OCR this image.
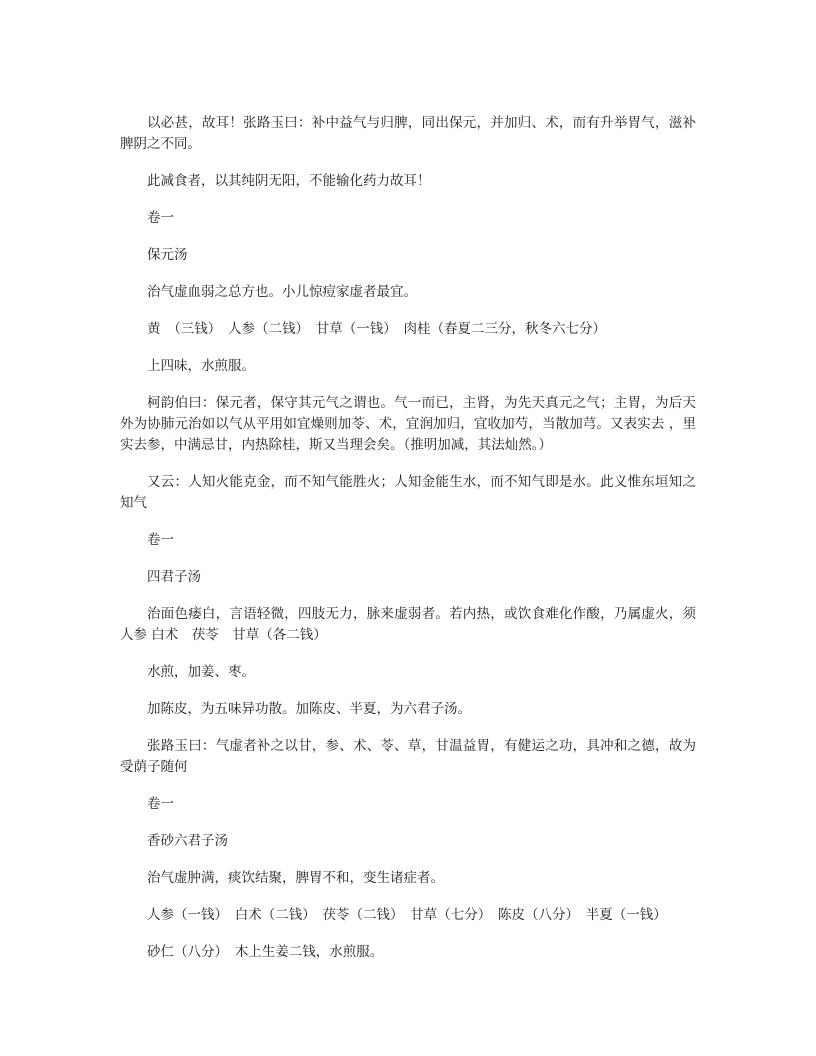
以必甚，故耳！张路玉曰：补中益气与归脾，同出保元，并加归、术，而有升举胃气，滋补脾阴之不同。

此减食者，以其纯阴无阳，不能输化药力故耳！

卷一

保元汤

治气虚血弱之总方也。小儿惊痘家虚者最宜。

黄　（三钱）　人参（二钱）　甘草（一钱）　肉桂（春夏二三分，秋冬六七分）

上四味，水煎服。

柯韵伯曰：保元者，保守其元气之谓也。气一而已，主肾，为先天真元之气；主胃，为后天外为协肺元治如以气从平用如宜燥则加苓、术，宜润加归，宜收加芍，当散加芎。又表实去 ，里实去参，中满忌甘，内热除桂，斯又当理会矣。（推明加减，其法灿然。）

又云：人知火能克金，而不知气能胜火；人知金能生水，而不知气即是水。此义惟东垣知之知气

卷一

四君子汤

治面色痿白，言语轻微，四肢无力，脉来虚弱者。若内热，或饮食难化作酸，乃属虚火，须人参 白术　茯苓　甘草（各二钱）

水煎，加姜、枣。

加陈皮，为五味异功散。加陈皮、半夏，为六君子汤。

张路玉曰：气虚者补之以甘，参、术、苓、草，甘温益胃，有健运之功，具冲和之德，故为受荫子随何

卷一

香砂六君子汤

治气虚肿满，痰饮结聚，脾胃不和，变生诸症者。

人参（一钱）　白术（二钱）　茯苓（二钱）　甘草（七分）　陈皮（八分）　半夏（一钱）

砂仁（八分）　木上生姜二钱，水煎服。
